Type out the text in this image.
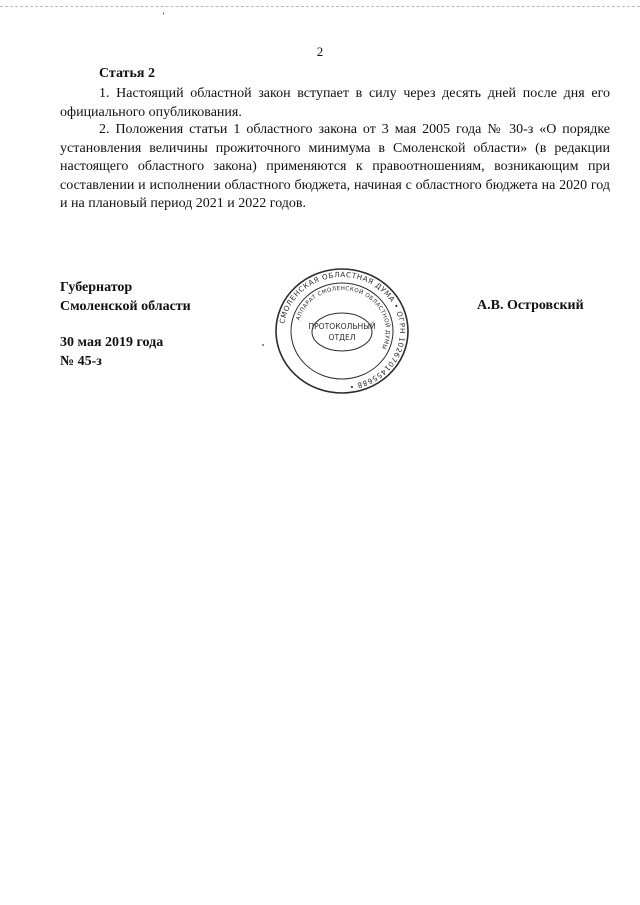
2
Статья 2

1. Настоящий областной закон вступает в силу через десять дней после дня его официального опубликования.

2. Положения статьи 1 областного закона от 3 мая 2005 года № 30-з «О порядке установления величины прожиточного минимума в Смоленской области» (в редакции настоящего областного закона) применяются к правоотношениям, возникающим при составлении и исполнении областного бюджета, начиная с областного бюджета на 2020 год и на плановый период 2021 и 2022 годов.

Губернатор
Смоленской области
30 мая 2019 года
№ 45-з
А.В. Островский
СМОЛЕНСКАЯ ОБЛАСТНАЯ ДУМА • ОГРН 1026701455688 •
АППАРАТ СМОЛЕНСКОЙ ОБЛАСТНОЙ ДУМЫ
ПРОТОКОЛЬНЫЙ
ОТДЕЛ
